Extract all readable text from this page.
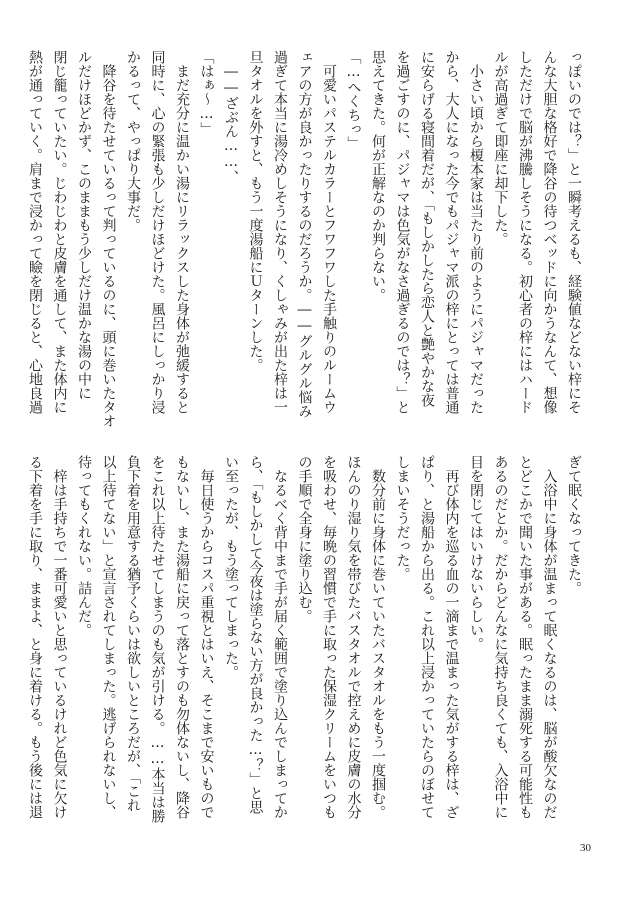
っぽいのでは？」と一瞬考えるも、経験値などない梓にそ
んな大胆な格好で降谷の待つベッドに向かうなんて、想像
しただけで脳が沸騰しそうになる。初心者の梓にはハード
ルが高過ぎて即座に却下した。
　小さい頃から榎本家は当たり前のようにパジャマだった
から、大人になった今でもパジャマ派の梓にとっては普通
に安らげる寝間着だが、「もしかしたら恋人と艶やかな夜
を過ごすのに、パジャマは色気がなさ過ぎるのでは？」と
思えてきた。何が正解なのか判らない。
「…へくちっ」
　可愛いパステルカラーとフワフワした手触りのルームウ
ェアの方が良かったりするのだろうか。――グルグル悩み
過ぎて本当に湯冷めしそうになり、くしゃみが出た梓は一
旦タオルを外すと、もう一度湯船にＵターンした。
　――ざぶん……、
「はぁ～…」
　まだ充分に温かい湯にリラックスした身体が弛緩すると
同時に、心の緊張も少しだけほどけた。風呂にしっかり浸
かるって、やっぱり大事だ。
　降谷を待たせているって判っているのに、頭に巻いたタオ
ルだけほどかず、このままもう少しだけ温かな湯の中に
閉じ籠っていたい。じわじわと皮膚を通して、また体内に
熱が通っていく。肩まで浸かって瞼を閉じると、心地良過
ぎて眠くなってきた。
　入浴中に身体が温まって眠くなるのは、脳が酸欠なのだ
とどこかで聞いた事がある。眠ったまま溺死する可能性も
あるのだとか。だからどんなに気持ち良くても、入浴中に
目を閉じてはいけないらしい。
　再び体内を巡る血の一滴まで温まった気がする梓は、ざ
ぱり、と湯船から出る。これ以上浸かっていたらのぼせて
しまいそうだった。
　数分前に身体に巻いていたバスタオルをもう一度掴む。
ほんのり湿り気を帯びたバスタオルで控えめに皮膚の水分
を吸わせ、毎晩の習慣で手に取った保湿クリームをいつも
の手順で全身に塗り込む。
　なるべく背中まで手が届く範囲で塗り込んでしまってか
ら、「もしかして今夜は塗らない方が良かった…？」と思
い至ったが、もう塗ってしまった。
　毎日使うからコスパ重視とはいえ、そこまで安いもので
もないし、また湯船に戻って落とすのも勿体ないし、降谷
をこれ以上待たせてしまうのも気が引ける。……本当は勝
負下着を用意する猶予くらいは欲しいところだが、「これ
以上待てない」と宣言されてしまった。逃げられないし、
待ってもくれない。詰んだ。
　梓は手持ちで一番可愛いと思っているけれど色気に欠け
る下着を手に取り、ままよ、と身に着ける。もう後には退
30
